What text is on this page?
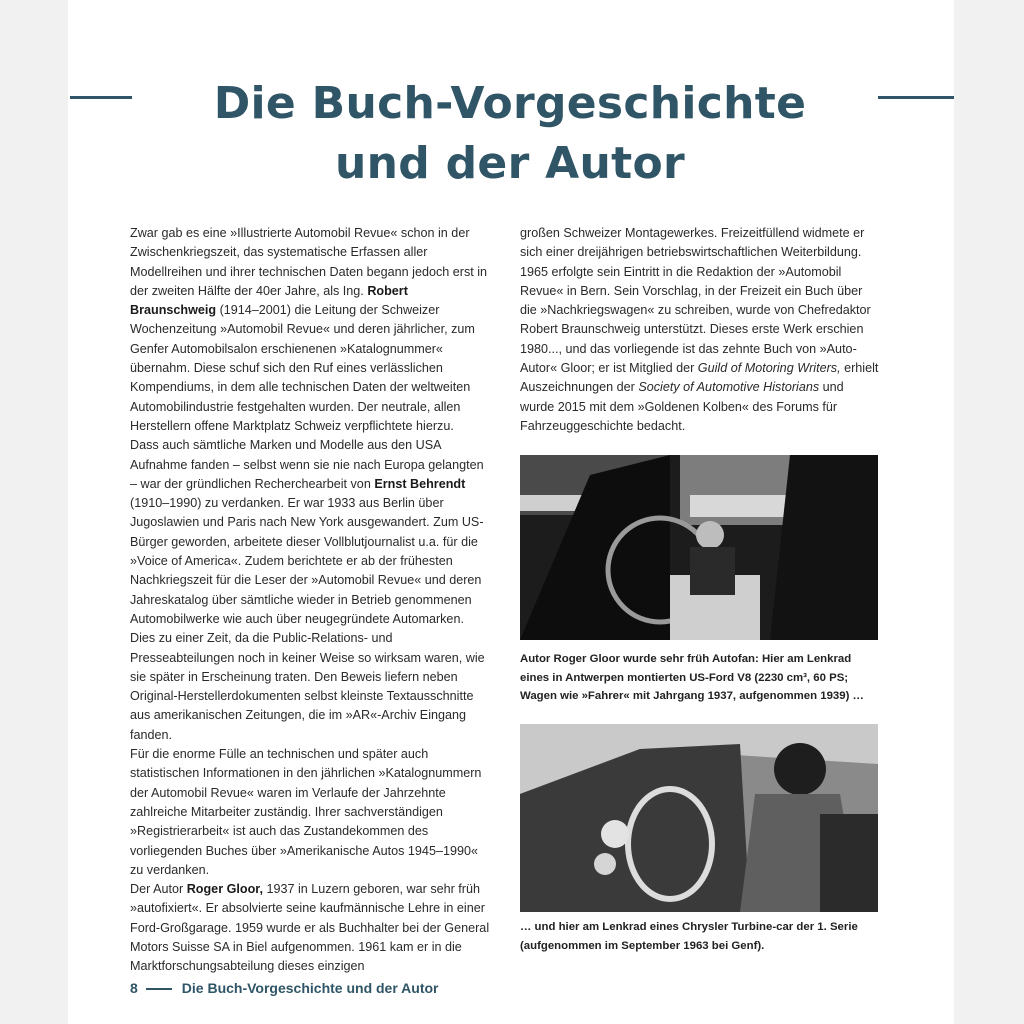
Die Buch-Vorgeschichte
und der Autor

Zwar gab es eine »Illustrierte Automobil Revue« schon in der Zwischenkriegszeit, das systematische Erfassen aller Modellreihen und ihrer technischen Daten begann jedoch erst in der zweiten Hälfte der 40er Jahre, als Ing. Robert Braunschweig (1914–2001) die Leitung der Schweizer Wochenzeitung »Automobil Revue« und deren jährlicher, zum Genfer Automobilsalon erschienenen »Katalognummer« übernahm. Diese schuf sich den Ruf eines verlässlichen Kompendiums, in dem alle technischen Daten der weltweiten Automobilindustrie festgehalten wurden. Der neutrale, allen Herstellern offene Marktplatz Schweiz verpflichtete hierzu.

Dass auch sämtliche Marken und Modelle aus den USA Aufnahme fanden – selbst wenn sie nie nach Europa gelangten – war der gründlichen Recherchearbeit von Ernst Behrendt (1910–1990) zu verdanken. Er war 1933 aus Berlin über Jugoslawien und Paris nach New York ausgewandert. Zum US-Bürger geworden, arbeitete dieser Vollblutjournalist u.a. für die »Voice of America«. Zudem berichtete er ab der frühesten Nachkriegszeit für die Leser der »Automobil Revue« und deren Jahreskatalog über sämtliche wieder in Betrieb genommenen Automobilwerke wie auch über neugegründete Automarken. Dies zu einer Zeit, da die Public-Relations- und Presseabteilungen noch in keiner Weise so wirksam waren, wie sie später in Erscheinung traten. Den Beweis liefern neben Original-Herstellerdokumenten selbst kleinste Textausschnitte aus amerikanischen Zeitungen, die im »AR«-Archiv Eingang fanden.

Für die enorme Fülle an technischen und später auch statistischen Informationen in den jährlichen »Katalognummern der Automobil Revue« waren im Verlaufe der Jahrzehnte zahlreiche Mitarbeiter zuständig. Ihrer sachverständigen »Registrierarbeit« ist auch das Zustandekommen des vorliegenden Buches über »Amerikanische Autos 1945–1990« zu verdanken.

Der Autor Roger Gloor, 1937 in Luzern geboren, war sehr früh »autofixiert«. Er absolvierte seine kaufmännische Lehre in einer Ford-Großgarage. 1959 wurde er als Buchhalter bei der General Motors Suisse SA in Biel aufgenommen. 1961 kam er in die Marktforschungsabteilung dieses einzigen

großen Schweizer Montagewerkes. Freizeitfüllend widmete er sich einer dreijährigen betriebswirtschaftlichen Weiterbildung. 1965 erfolgte sein Eintritt in die Redaktion der »Automobil Revue« in Bern. Sein Vorschlag, in der Freizeit ein Buch über die »Nachkriegswagen« zu schreiben, wurde von Chefredaktor Robert Braunschweig unterstützt. Dieses erste Werk erschien 1980..., und das vorliegende ist das zehnte Buch von »Auto-Autor« Gloor; er ist Mitglied der Guild of Motoring Writers, erhielt Auszeichnungen der Society of Automotive Historians und wurde 2015 mit dem »Goldenen Kolben« des Forums für Fahrzeuggeschichte bedacht.

Autor Roger Gloor wurde sehr früh Autofan: Hier am Lenkrad eines in Antwerpen montierten US-Ford V8 (2230 cm³, 60 PS; Wagen wie »Fahrer« mit Jahrgang 1937, aufgenommen 1939) …
… und hier am Lenkrad eines Chrysler Turbine-car der 1. Serie (aufgenommen im September 1963 bei Genf).
8	Die Buch-Vorgeschichte und der Autor
